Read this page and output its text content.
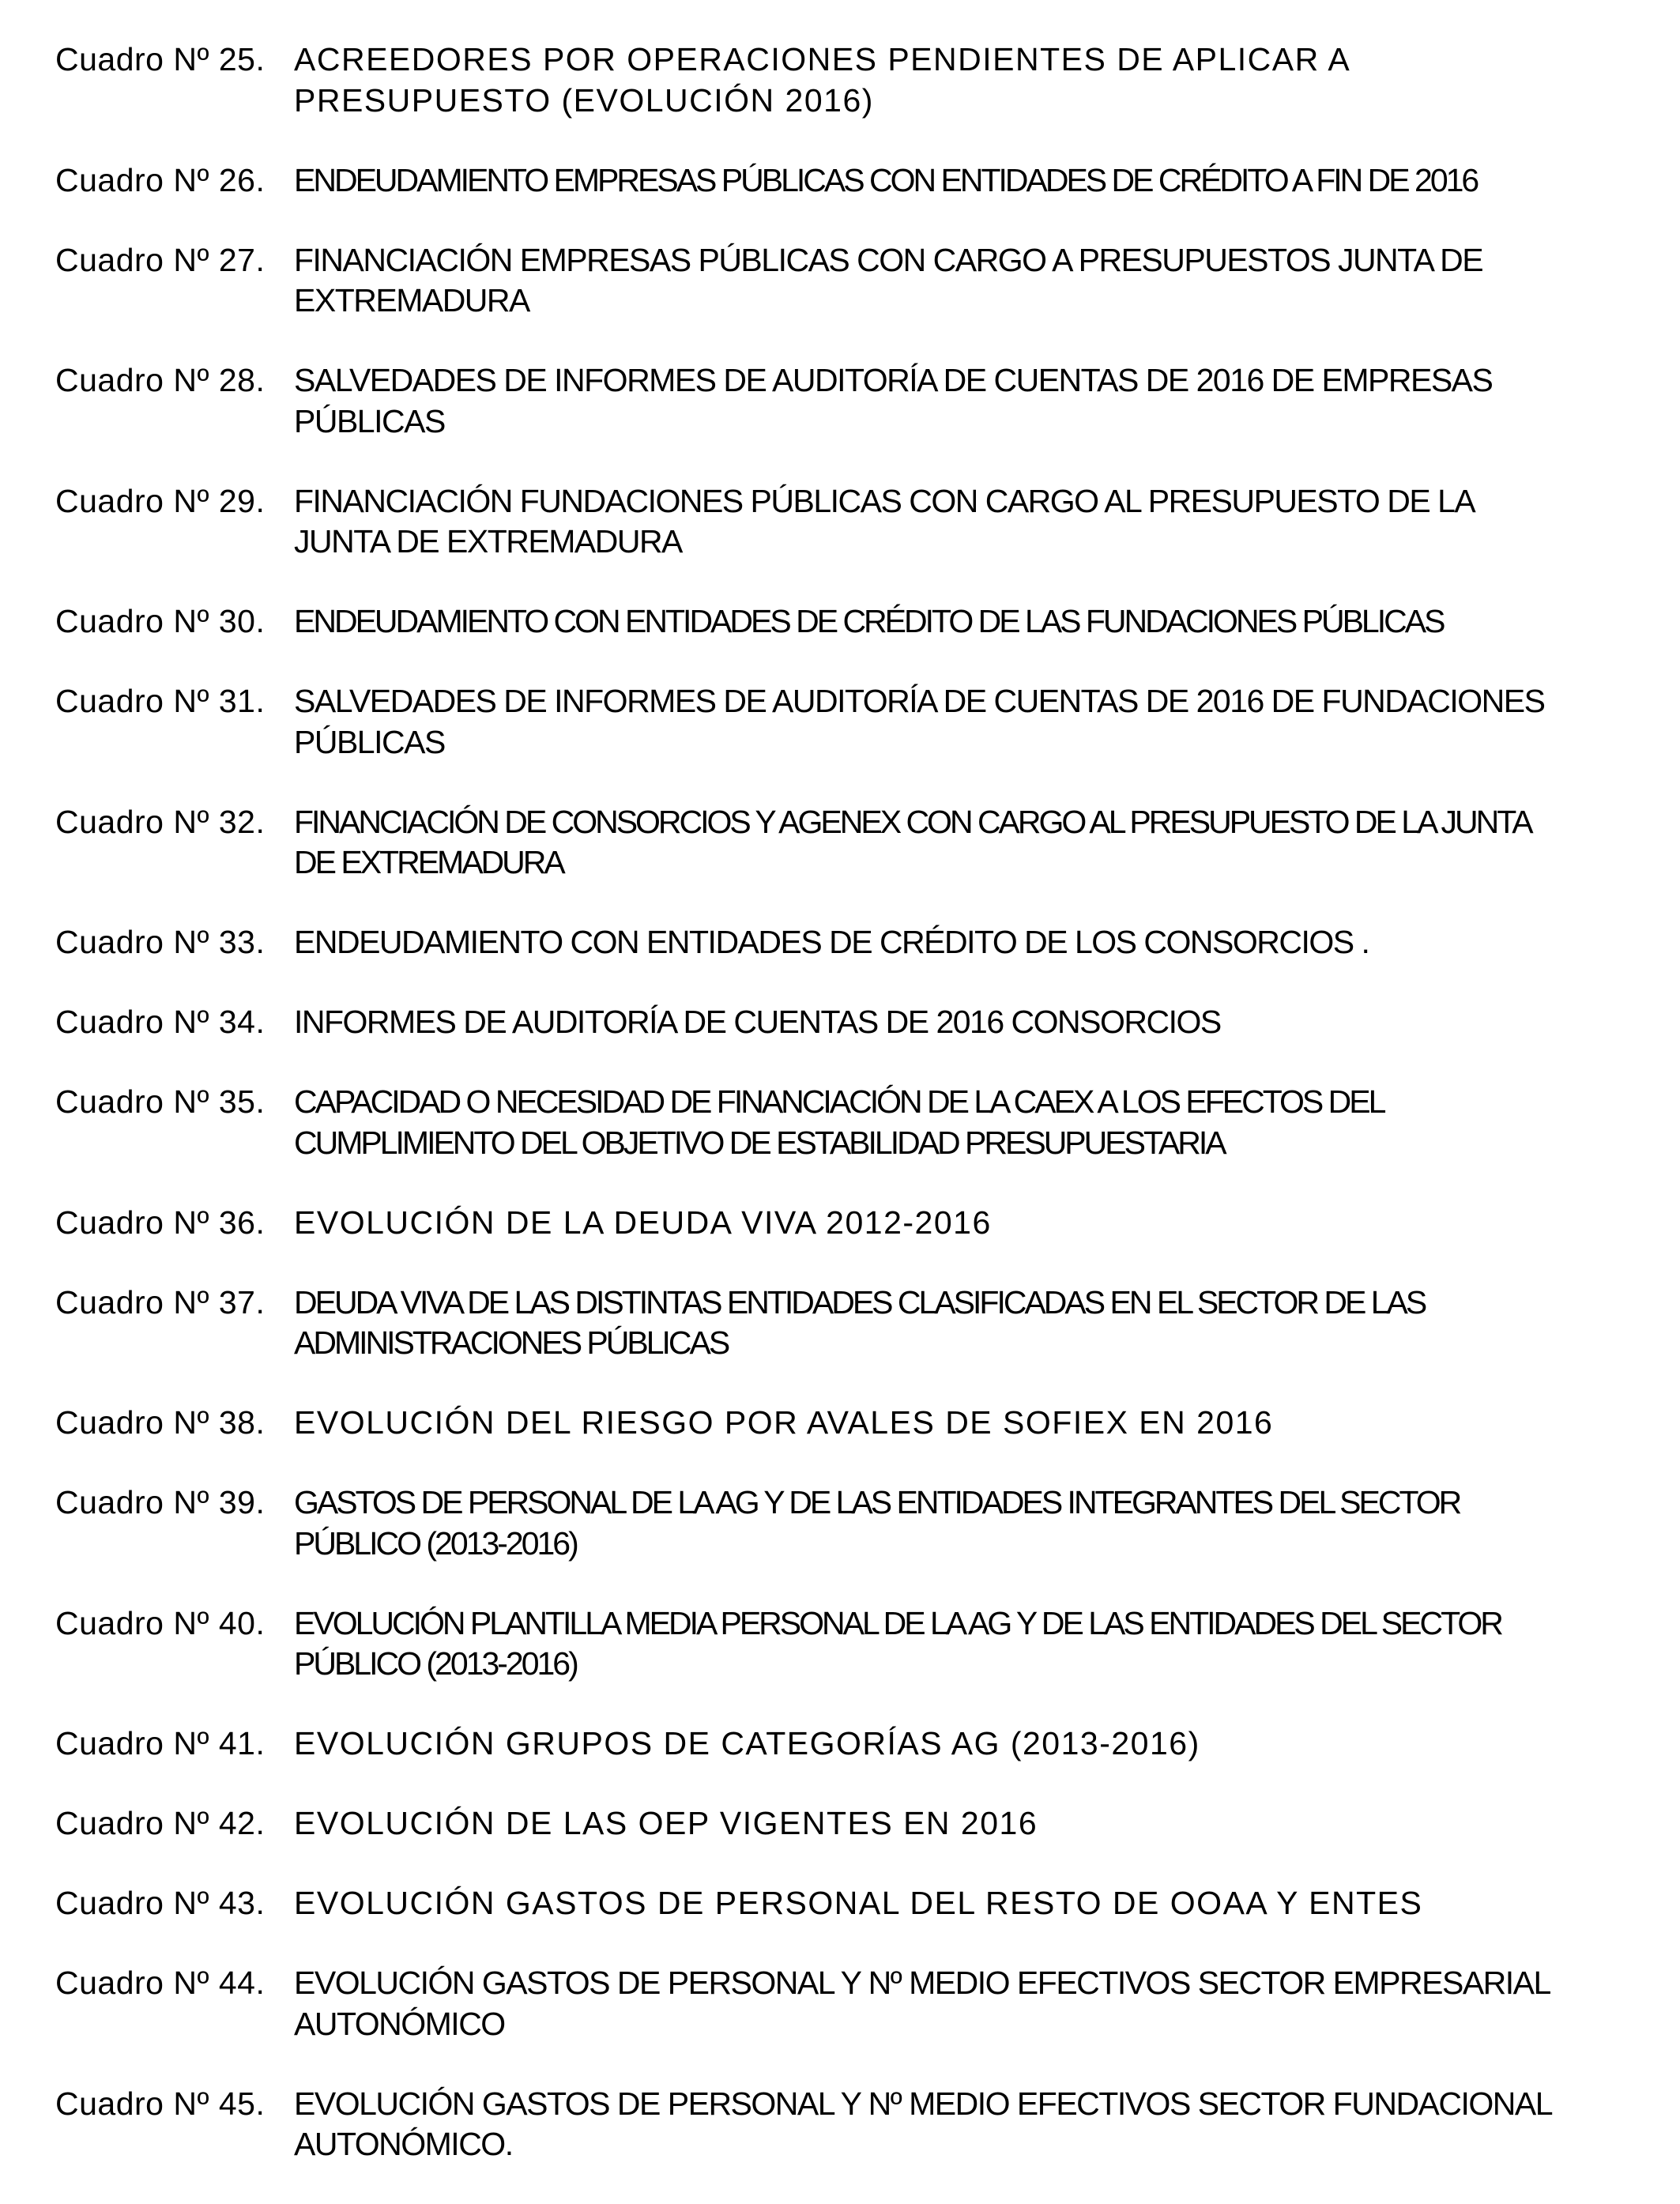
Cuadro Nº 25. ACREEDORES POR OPERACIONES PENDIENTES DE APLICAR A PRESUPUESTO (EVOLUCIÓN 2016)
Cuadro Nº 26. ENDEUDAMIENTO EMPRESAS PÚBLICAS CON ENTIDADES DE CRÉDITO A FIN DE 2016
Cuadro Nº 27. FINANCIACIÓN EMPRESAS PÚBLICAS CON CARGO A PRESUPUESTOS JUNTA DE EXTREMADURA
Cuadro Nº 28. SALVEDADES DE INFORMES DE AUDITORÍA DE CUENTAS DE 2016 DE EMPRESAS PÚBLICAS
Cuadro Nº 29. FINANCIACIÓN FUNDACIONES PÚBLICAS CON CARGO AL PRESUPUESTO DE LA JUNTA DE EXTREMADURA
Cuadro Nº 30. ENDEUDAMIENTO CON ENTIDADES DE CRÉDITO DE LAS FUNDACIONES PÚBLICAS
Cuadro Nº 31. SALVEDADES DE INFORMES DE AUDITORÍA DE CUENTAS DE 2016 DE FUNDACIONES PÚBLICAS
Cuadro Nº 32. FINANCIACIÓN DE CONSORCIOS Y AGENEX CON CARGO AL PRESUPUESTO DE LA JUNTA DE EXTREMADURA
Cuadro Nº 33. ENDEUDAMIENTO CON ENTIDADES DE CRÉDITO DE LOS CONSORCIOS .
Cuadro Nº 34. INFORMES DE AUDITORÍA DE CUENTAS DE 2016 CONSORCIOS
Cuadro Nº 35. CAPACIDAD O NECESIDAD DE FINANCIACIÓN DE LA CAEX A LOS EFECTOS DEL CUMPLIMIENTO DEL OBJETIVO DE ESTABILIDAD PRESUPUESTARIA
Cuadro Nº 36. EVOLUCIÓN DE LA DEUDA VIVA 2012-2016
Cuadro Nº 37. DEUDA VIVA DE LAS DISTINTAS ENTIDADES CLASIFICADAS EN EL SECTOR DE LAS ADMINISTRACIONES PÚBLICAS
Cuadro Nº 38. EVOLUCIÓN DEL RIESGO POR AVALES DE SOFIEX EN 2016
Cuadro Nº 39. GASTOS DE PERSONAL DE LA AG Y DE LAS ENTIDADES INTEGRANTES DEL SECTOR PÚBLICO (2013-2016)
Cuadro Nº 40. EVOLUCIÓN PLANTILLA MEDIA PERSONAL DE LA AG Y DE LAS ENTIDADES DEL SECTOR PÚBLICO (2013-2016)
Cuadro Nº 41. EVOLUCIÓN GRUPOS DE CATEGORÍAS AG (2013-2016)
Cuadro Nº 42. EVOLUCIÓN DE LAS OEP VIGENTES EN 2016
Cuadro Nº 43. EVOLUCIÓN GASTOS DE PERSONAL DEL RESTO DE OOAA Y ENTES
Cuadro Nº 44. EVOLUCIÓN GASTOS DE PERSONAL Y Nº MEDIO EFECTIVOS SECTOR EMPRESARIAL AUTONÓMICO
Cuadro Nº 45. EVOLUCIÓN GASTOS DE PERSONAL Y Nº MEDIO EFECTIVOS SECTOR FUNDACIONAL AUTONÓMICO.
